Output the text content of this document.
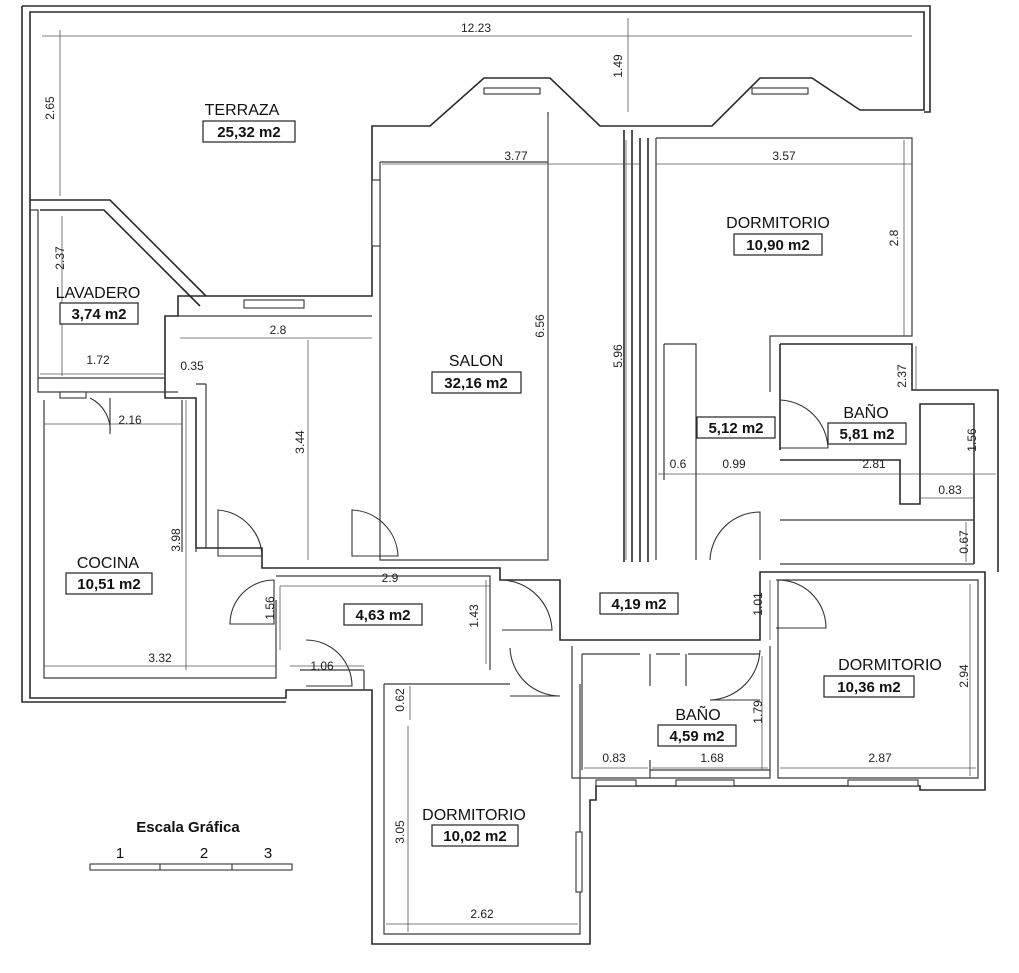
12.23
1.49
2.65
3.77	3.57
2.8
2.37
6.56
5.96
2.8
1.72	0.35	2.37
2.16
3.44
0.6	0.99	2.81
1.56
0.83
3.98
2.9
1.56	1.43
1.01
0.67
3.32
1.06	2.94
0.62
1.79
0.83	1.68	2.87
3.05
2.62
TERRAZA
25,32 m2
LAVADERO
3,74 m2
SALON
32,16 m2
DORMITORIO
10,90 m2
5,12 m2
BAÑO
5,81 m2
COCINA
10,51 m2
4,63 m2
4,19 m2
DORMITORIO
10,36 m2
BAÑO
4,59 m2
DORMITORIO
10,02 m2
Escala Gráfica
1	2	3
